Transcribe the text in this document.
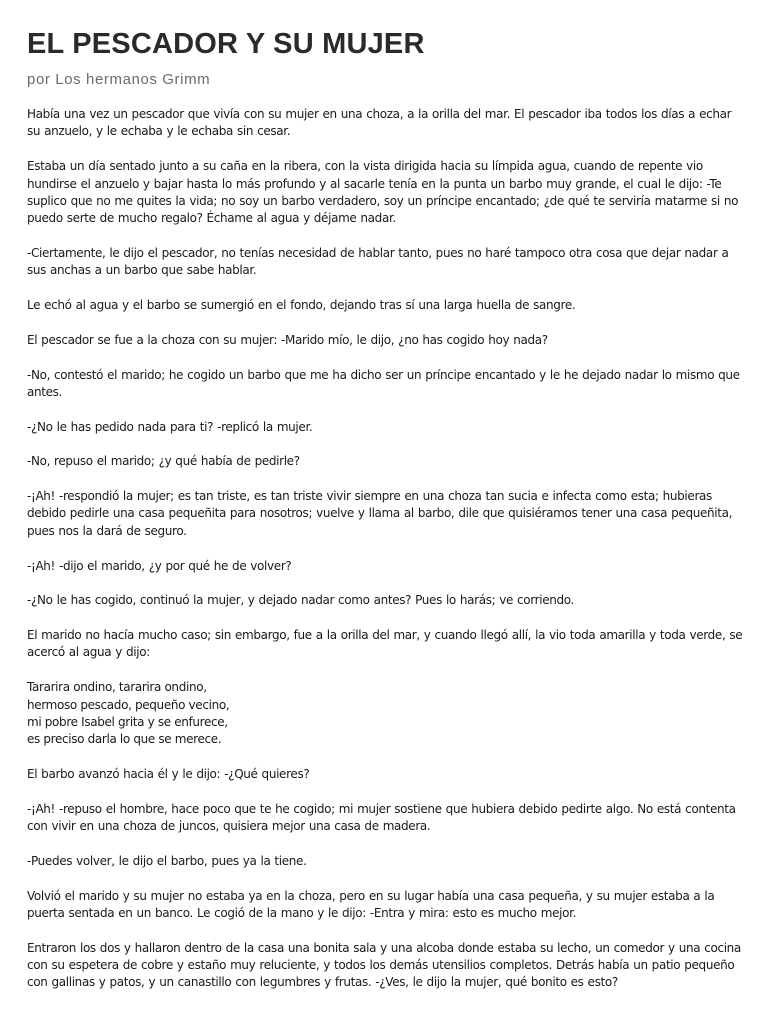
EL PESCADOR Y SU MUJER
por Los hermanos Grimm

Había una vez un pescador que vivía con su mujer en una choza, a la orilla del mar. El pescador iba todos los días a echar su anzuelo, y le echaba y le echaba sin cesar.

Estaba un día sentado junto a su caña en la ribera, con la vista dirigida hacia su límpida agua, cuando de repente vio hundirse el anzuelo y bajar hasta lo más profundo y al sacarle tenía en la punta un barbo muy grande, el cual le dijo: -Te suplico que no me quites la vida; no soy un barbo verdadero, soy un príncipe encantado; ¿de qué te serviría matarme si no puedo serte de mucho regalo? Échame al agua y déjame nadar.

-Ciertamente, le dijo el pescador, no tenías necesidad de hablar tanto, pues no haré tampoco otra cosa que dejar nadar a sus anchas a un barbo que sabe hablar.

Le echó al agua y el barbo se sumergió en el fondo, dejando tras sí una larga huella de sangre.

El pescador se fue a la choza con su mujer: -Marido mío, le dijo, ¿no has cogido hoy nada?

-No, contestó el marido; he cogido un barbo que me ha dicho ser un príncipe encantado y le he dejado nadar lo mismo que antes.

-¿No le has pedido nada para ti? -replicó la mujer.

-No, repuso el marido; ¿y qué había de pedirle?

-¡Ah! -respondió la mujer; es tan triste, es tan triste vivir siempre en una choza tan sucia e infecta como esta; hubieras debido pedirle una casa pequeñita para nosotros; vuelve y llama al barbo, dile que quisiéramos tener una casa pequeñita, pues nos la dará de seguro.

-¡Ah! -dijo el marido, ¿y por qué he de volver?

-¿No le has cogido, continuó la mujer, y dejado nadar como antes? Pues lo harás; ve corriendo.

El marido no hacía mucho caso; sin embargo, fue a la orilla del mar, y cuando llegó allí, la vio toda amarilla y toda verde, se acercó al agua y dijo:

Tararira ondino, tararira ondino,
hermoso pescado, pequeño vecino,
mi pobre Isabel grita y se enfurece,
es preciso darla lo que se merece.

El barbo avanzó hacia él y le dijo: -¿Qué quieres?

-¡Ah! -repuso el hombre, hace poco que te he cogido; mi mujer sostiene que hubiera debido pedirte algo. No está contenta con vivir en una choza de juncos, quisiera mejor una casa de madera.

-Puedes volver, le dijo el barbo, pues ya la tiene.

Volvió el marido y su mujer no estaba ya en la choza, pero en su lugar había una casa pequeña, y su mujer estaba a la puerta sentada en un banco. Le cogió de la mano y le dijo: -Entra y mira: esto es mucho mejor.

Entraron los dos y hallaron dentro de la casa una bonita sala y una alcoba donde estaba su lecho, un comedor y una cocina con su espetera de cobre y estaño muy reluciente, y todos los demás utensilios completos. Detrás había un patio pequeño con gallinas y patos, y un canastillo con legumbres y frutas. -¿Ves, le dijo la mujer, qué bonito es esto?
